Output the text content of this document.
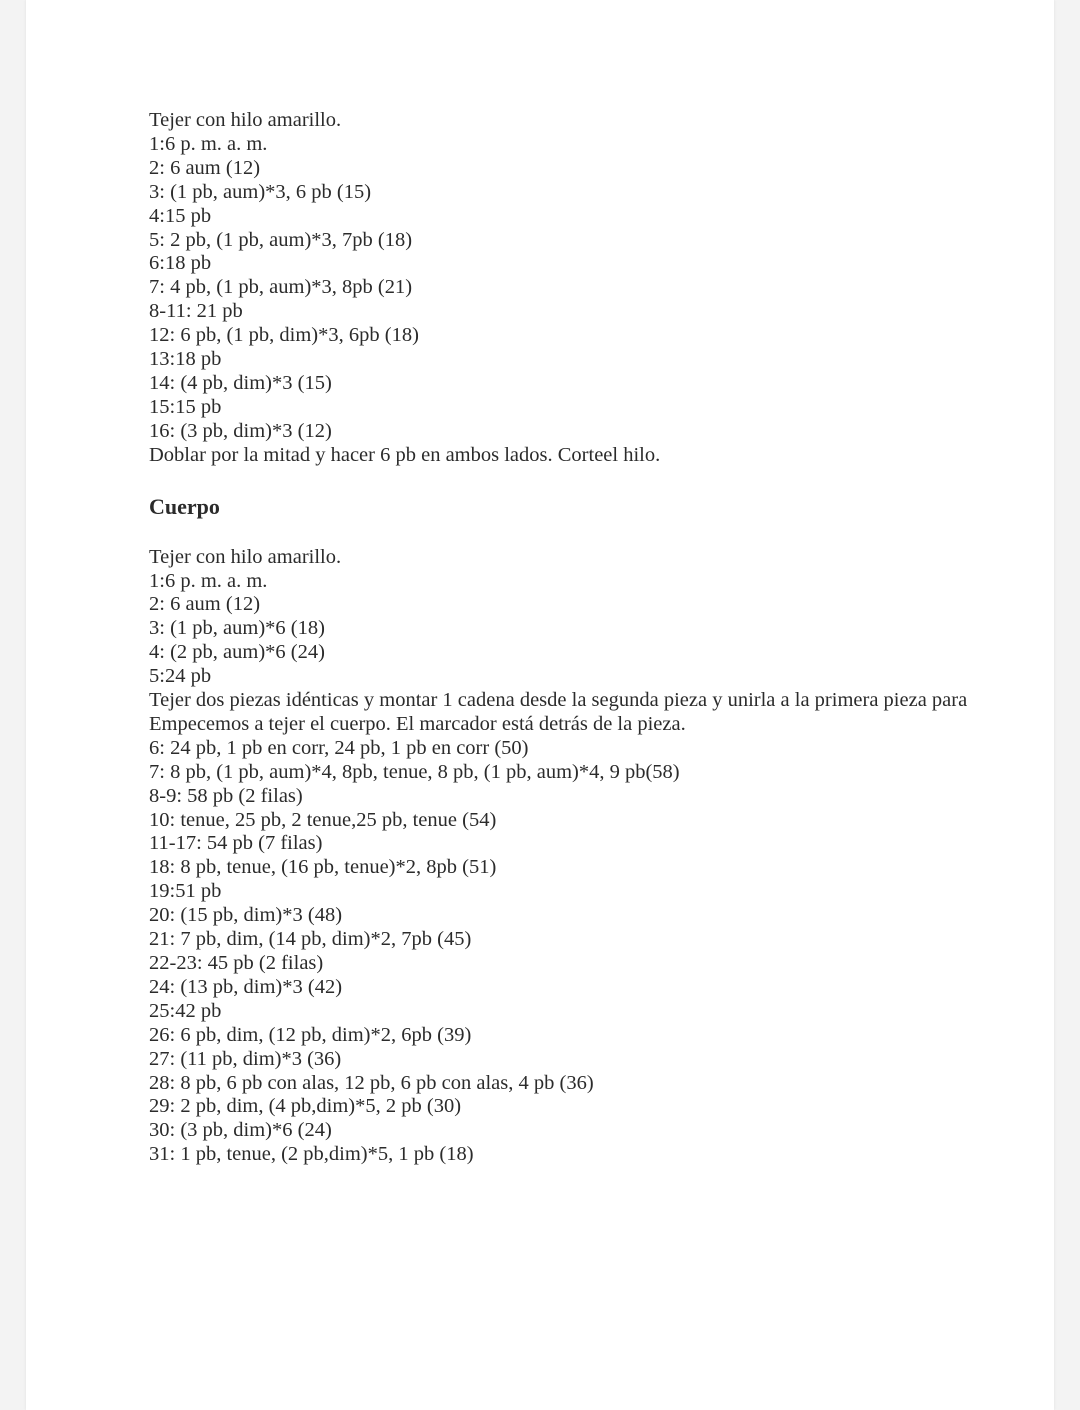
Tejer con hilo amarillo.
1:6 p. m. a. m.
2: 6 aum (12)
3: (1 pb, aum)*3, 6 pb (15)
4:15 pb
5: 2 pb, (1 pb, aum)*3, 7pb (18)
6:18 pb
7: 4 pb, (1 pb, aum)*3, 8pb (21)
8-11: 21 pb
12: 6 pb, (1 pb, dim)*3, 6pb (18)
13:18 pb
14: (4 pb, dim)*3 (15)
15:15 pb
16: (3 pb, dim)*3 (12)
Doblar por la mitad y hacer 6 pb en ambos lados. Corteel hilo.
Cuerpo
Tejer con hilo amarillo.
1:6 p. m. a. m.
2: 6 aum (12)
3: (1 pb, aum)*6 (18)
4: (2 pb, aum)*6 (24)
5:24 pb
Tejer dos piezas idénticas y montar 1 cadena desde la segunda pieza y unirla a la primera pieza para
Empecemos a tejer el cuerpo. El marcador está detrás de la pieza.
6: 24 pb, 1 pb en corr, 24 pb, 1 pb en corr (50)
7: 8 pb, (1 pb, aum)*4, 8pb, tenue, 8 pb, (1 pb, aum)*4, 9 pb(58)
8-9: 58 pb (2 filas)
10: tenue, 25 pb, 2 tenue,25 pb, tenue (54)
11-17: 54 pb (7 filas)
18: 8 pb, tenue, (16 pb, tenue)*2, 8pb (51)
19:51 pb
20: (15 pb, dim)*3 (48)
21: 7 pb, dim, (14 pb, dim)*2, 7pb (45)
22-23: 45 pb (2 filas)
24: (13 pb, dim)*3 (42)
25:42 pb
26: 6 pb, dim, (12 pb, dim)*2, 6pb (39)
27: (11 pb, dim)*3 (36)
28: 8 pb, 6 pb con alas, 12 pb, 6 pb con alas, 4 pb (36)
29: 2 pb, dim, (4 pb,dim)*5, 2 pb (30)
30: (3 pb, dim)*6 (24)
31: 1 pb, tenue, (2 pb,dim)*5, 1 pb (18)
